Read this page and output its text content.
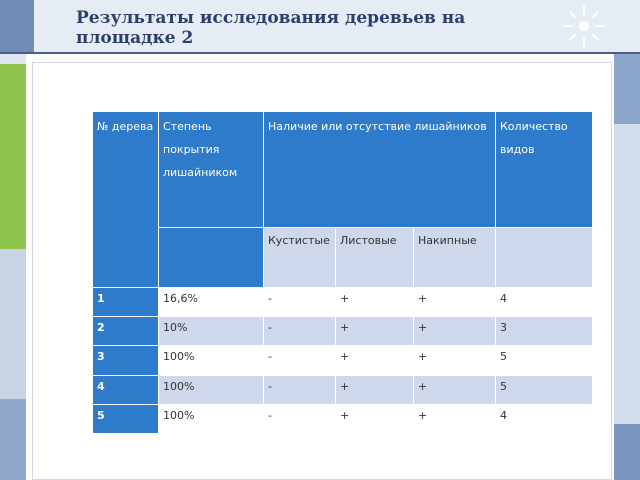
Результаты исследования деревьев на площадке 2
№ дерева	Степень покрытия лишайником	Наличие или отсутствие лишайников			Количество видов

		Кустистые	Листовые	Накипные	

1	16,6%	-	+	+	4

2	10%	-	+	+	3

3	100%	-	+	+	5

4	100%	-	+	+	5

5	100%	-	+	+	4
